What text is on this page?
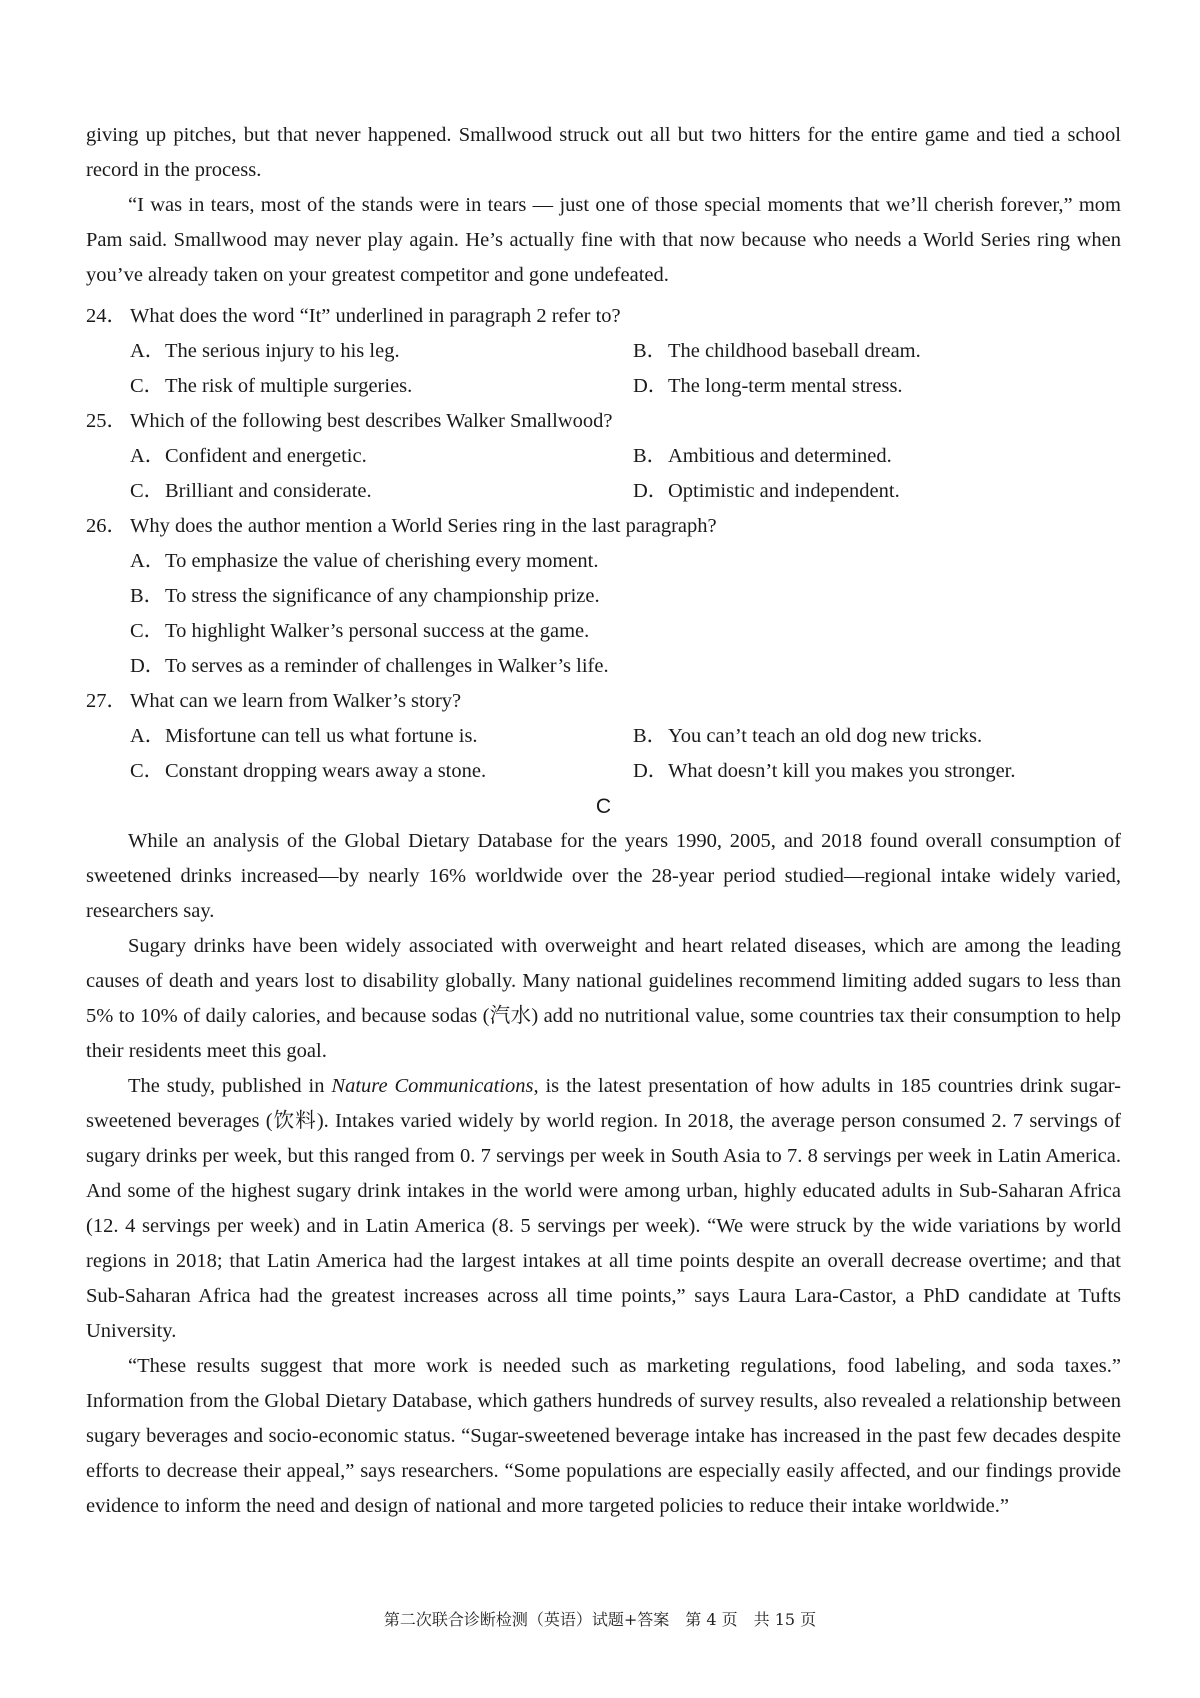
giving up pitches, but that never happened. Smallwood struck out all but two hitters for the entire game and tied a school record in the process.

“I was in tears, most of the stands were in tears — just one of those special moments that we’ll cherish forever,” mom Pam said. Smallwood may never play again. He’s actually fine with that now because who needs a World Series ring when you’ve already taken on your greatest competitor and gone undefeated.

24． What does the word “It” underlined in paragraph 2 refer to?

A．The serious injury to his leg.	B．The childhood baseball dream.
C．The risk of multiple surgeries.	D．The long-term mental stress.

25． Which of the following best describes Walker Smallwood?

A．Confident and energetic.	B．Ambitious and determined.
C．Brilliant and considerate.	D．Optimistic and independent.

26． Why does the author mention a World Series ring in the last paragraph?

A．To emphasize the value of cherishing every moment.
B．To stress the significance of any championship prize.
C．To highlight Walker’s personal success at the game.
D．To serves as a reminder of challenges in Walker’s life.

27． What can we learn from Walker’s story?

A．Misfortune can tell us what fortune is.	B．You can’t teach an old dog new tricks.
C．Constant dropping wears away a stone.	D．What doesn’t kill you makes you stronger.

C

While an analysis of the Global Dietary Database for the years 1990, 2005, and 2018 found overall consumption of sweetened drinks increased—by nearly 16% worldwide over the 28-year period studied—regional intake widely varied, researchers say.

Sugary drinks have been widely associated with overweight and heart related diseases, which are among the leading causes of death and years lost to disability globally. Many national guidelines recommend limiting added sugars to less than 5% to 10% of daily calories, and because sodas (汽水) add no nutritional value, some countries tax their consumption to help their residents meet this goal.

The study, published in Nature Communications, is the latest presentation of how adults in 185 countries drink sugar-sweetened beverages (饮料). Intakes varied widely by world region. In 2018, the average person consumed 2. 7 servings of sugary drinks per week, but this ranged from 0. 7 servings per week in South Asia to 7. 8 servings per week in Latin America. And some of the highest sugary drink intakes in the world were among urban, highly educated adults in Sub-Saharan Africa (12. 4 servings per week) and in Latin America (8. 5 servings per week). “We were struck by the wide variations by world regions in 2018; that Latin America had the largest intakes at all time points despite an overall decrease overtime; and that Sub-Saharan Africa had the greatest increases across all time points,” says Laura Lara-Castor, a PhD candidate at Tufts University.

“These results suggest that more work is needed such as marketing regulations, food labeling, and soda taxes.” Information from the Global Dietary Database, which gathers hundreds of survey results, also revealed a relationship between sugary beverages and socio-economic status. “Sugar-sweetened beverage intake has increased in the past few decades despite efforts to decrease their appeal,” says researchers. “Some populations are especially easily affected, and our findings provide evidence to inform the need and design of national and more targeted policies to reduce their intake worldwide.”

第二次联合诊断检测（英语）试题+答案　第 4 页　共 15 页
